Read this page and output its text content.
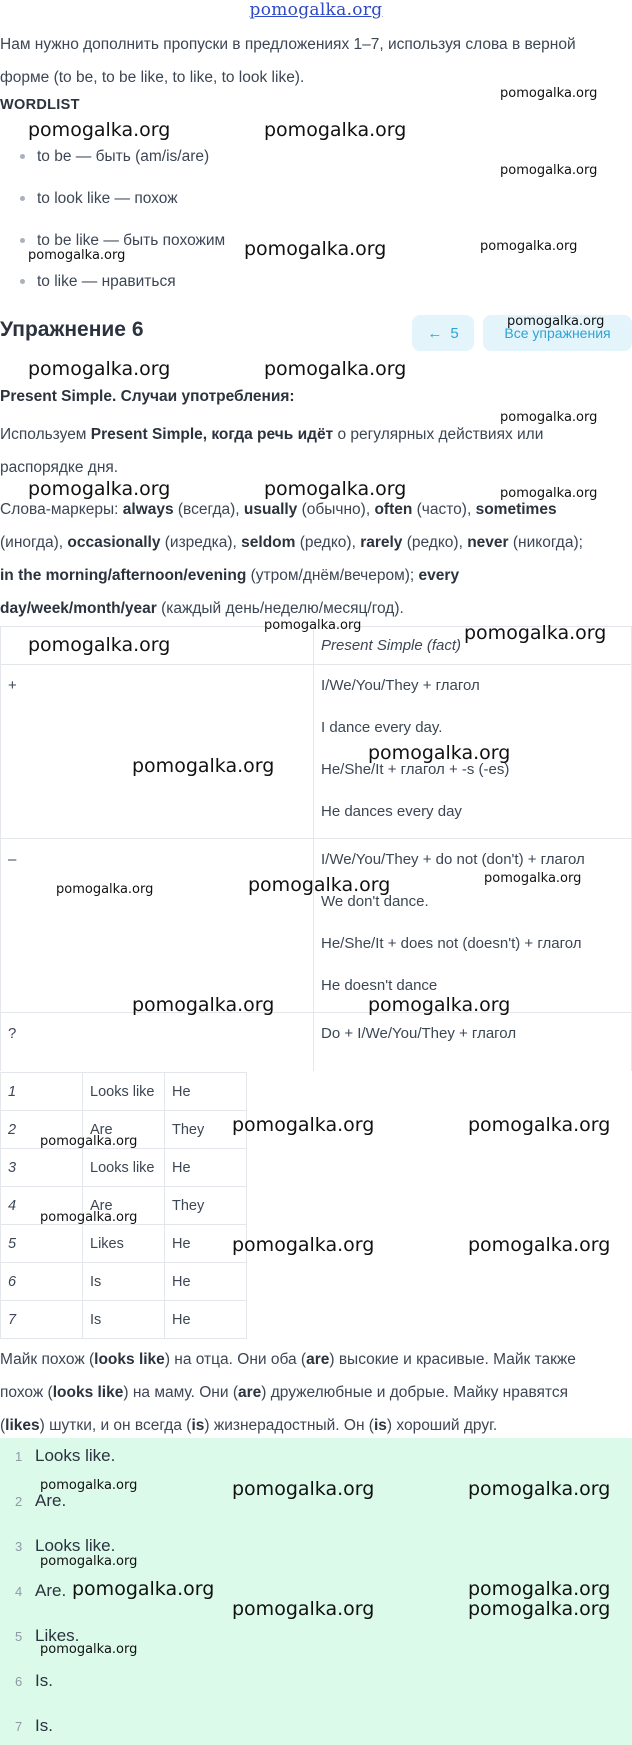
pomogalka.org
Нам нужно дополнить пропуски в предложениях 1–7, используя слова в верной
форме (to be, to be like, to like, to look like).
WORDLIST
to be — быть (am/is/are)
to look like — похож
to be like — быть похожим
to like — нравиться
Упражнение 6	← 5	Все упражнения
Present Simple. Случаи употребления:
Используем Present Simple, когда речь идёт о регулярных действиях или
распорядке дня.
Слова-маркеры: always (всегда), usually (обычно), often (часто), sometimes
(иногда), occasionally (изредка), seldom (редко), rarely (редко), never (никогда);
in the morning/afternoon/evening (утром/днём/вечером); every
day/week/month/year (каждый день/неделю/месяц/год).
	Present Simple (fact)
+	I/We/You/They + глагол
I dance every day.
He/She/It + глагол + -s (-es)
He dances every day

–	I/We/You/They + do not (don't) + глагол
We don't dance.
He/She/It + does not (doesn't) + глагол
He doesn't dance

?	Do + I/We/You/They + глагол
1	Looks like	He
2	Are	They
3	Looks like	He
4	Are	They
5	Likes	He
6	Is	He
7	Is	He
Майк похож (looks like) на отца. Они оба (are) высокие и красивые. Майк также
похож (looks like) на маму. Они (are) дружелюбные и добрые. Майку нравятся
(likes) шутки, и он всегда (is) жизнерадостный. Он (is) хороший друг.
1 Looks like.
2 Are.
3 Looks like.
4 Are.
5 Likes.
6 Is.
7 Is.
pomogalka.org	pomogalka.org
pomogalka.org
pomogalka.org
pomogalka.org	pomogalka.org	pomogalka.org
pomogalka.org
pomogalka.org	pomogalka.org
pomogalka.org
pomogalka.org	pomogalka.org	pomogalka.org
pomogalka.org
pomogalka.org
pomogalka.org
pomogalka.org
pomogalka.org
pomogalka.org	pomogalka.org	pomogalka.org
pomogalka.org	pomogalka.org
pomogalka.org	pomogalka.org
pomogalka.org
pomogalka.org
pomogalka.org	pomogalka.org
pomogalka.org	pomogalka.org	pomogalka.org
pomogalka.org	pomogalka.org
pomogalka.org
pomogalka.org	pomogalka.org
pomogalka.org
